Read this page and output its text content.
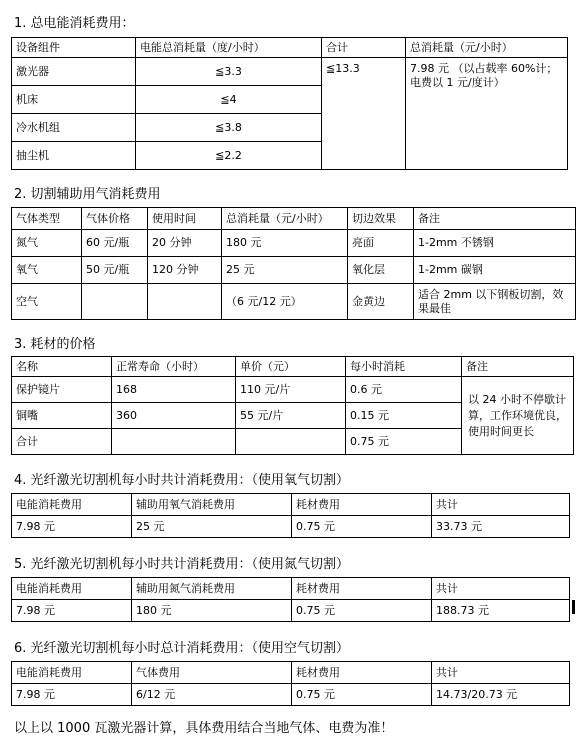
1. 总电能消耗费用：
设备组件	电能总消耗量（度/小时）	合计	总消耗量（元/小时）
激光器	≦3.3	≦13.3	7.98 元 （以占载率 60%计；电费以 1 元/度计）
机床	≦4		
冷水机组	≦3.8		
抽尘机	≦2.2		
2. 切割辅助用气消耗费用
气体类型	气体价格	使用时间	总消耗量（元/小时）	切边效果	备注
氮气	60 元/瓶	20 分钟	180 元	亮面	1-2mm 不锈钢
氧气	50 元/瓶	120 分钟	25 元	氧化层	1-2mm 碳钢
空气			（6 元/12 元）	金黄边	适合 2mm 以下钢板切割，效果最佳
3. 耗材的价格
名称	正常寿命（小时）	单价（元）	每小时消耗	备注
保护镜片	168	110 元/片	0.6 元	以 24 小时不停歇计算，工作环境优良，使用时间更长
铜嘴	360	55 元/片	0.15 元	
合计			0.75 元	
4. 光纤激光切割机每小时共计消耗费用：（使用氧气切割）
电能消耗费用	辅助用氧气消耗费用	耗材费用	共计
7.98 元	25 元	0.75 元	33.73 元
5. 光纤激光切割机每小时共计消耗费用：（使用氮气切割）
电能消耗费用	辅助用氮气消耗费用	耗材费用	共计
7.98 元	180 元	0.75 元	188.73 元
6. 光纤激光切割机每小时总计消耗费用：（使用空气切割）
电能消耗费用	气体费用	耗材费用	共计
7.98 元	6/12 元	0.75 元	14.73/20.73 元
以上以 1000 瓦激光器计算，具体费用结合当地气体、电费为准！
